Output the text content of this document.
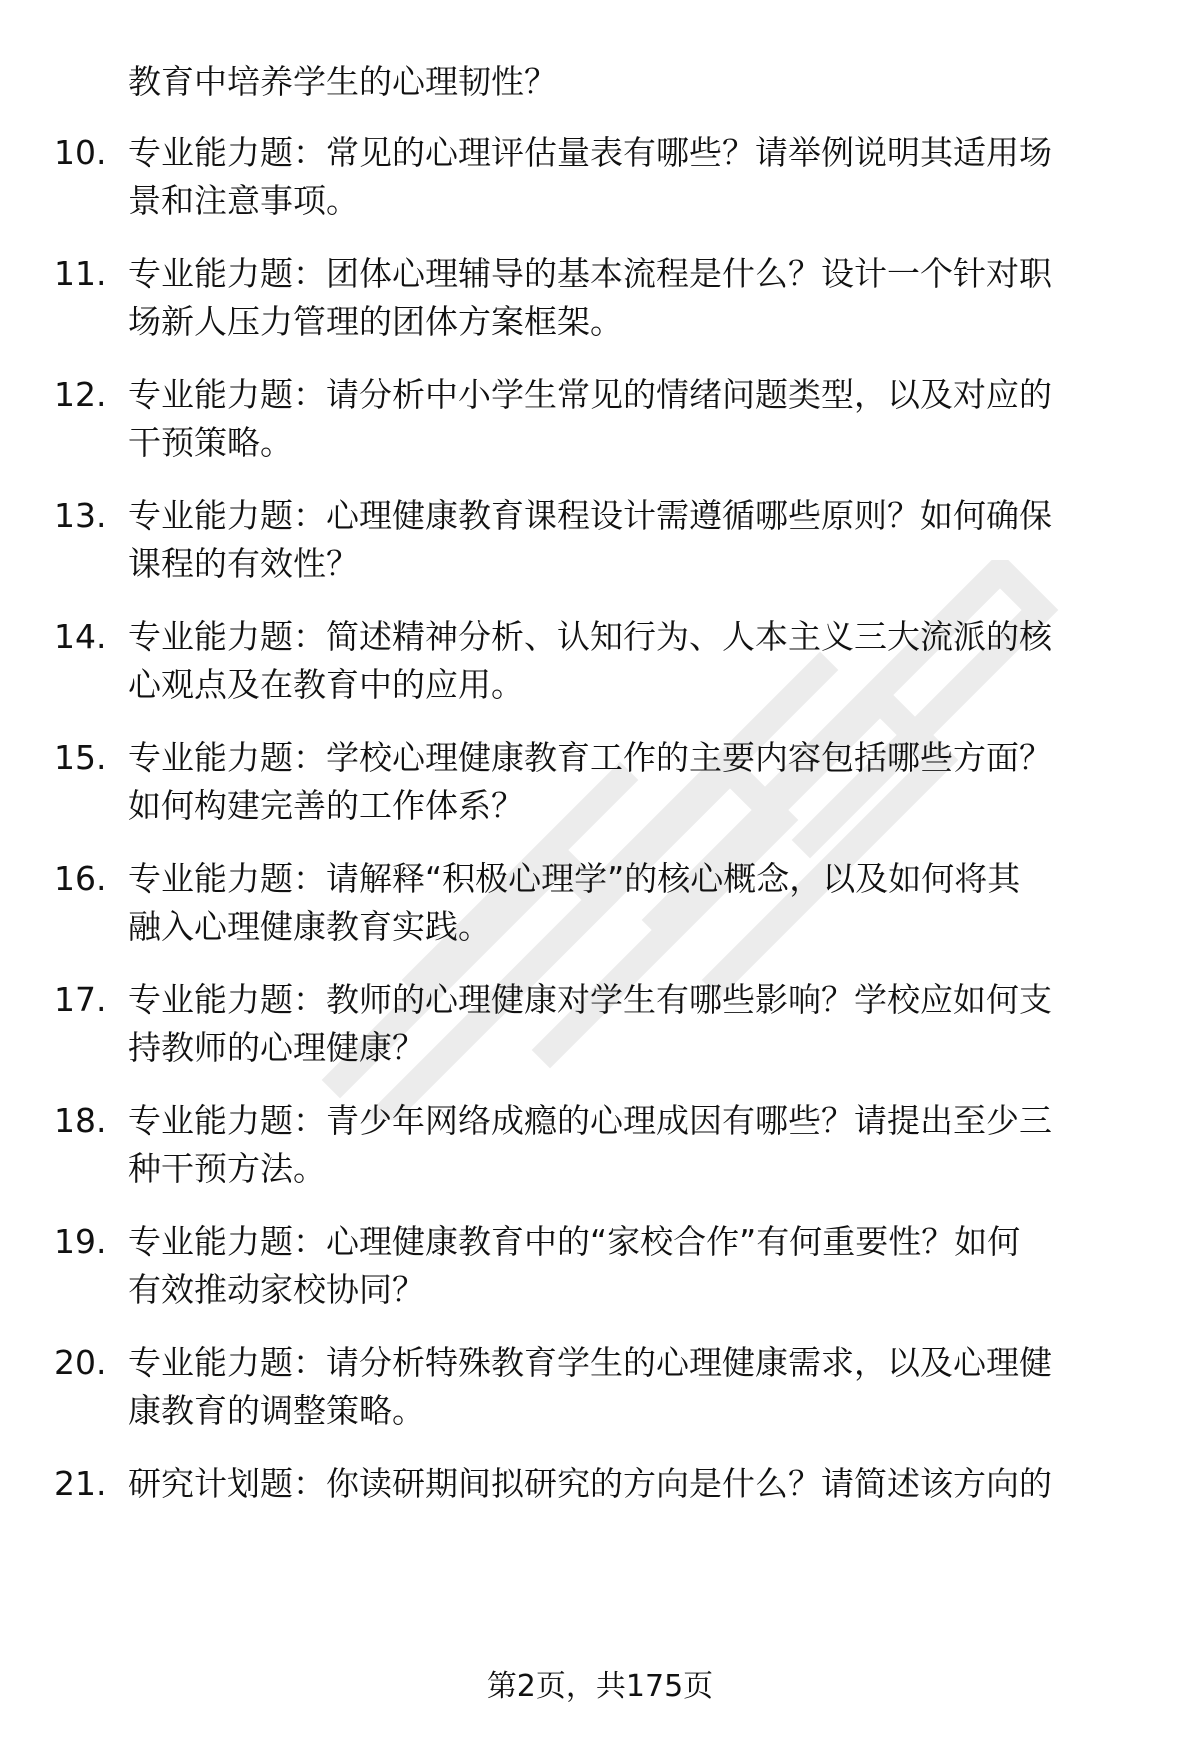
教育中培养学生的心理韧性？
10. 专业能力题：常见的心理评估量表有哪些？请举例说明其适用场
景和注意事项。
11. 专业能力题：团体心理辅导的基本流程是什么？设计一个针对职
场新人压力管理的团体方案框架。
12. 专业能力题：请分析中小学生常见的情绪问题类型，以及对应的
干预策略。
13. 专业能力题：心理健康教育课程设计需遵循哪些原则？如何确保
课程的有效性？
14. 专业能力题：简述精神分析、认知行为、人本主义三大流派的核
心观点及在教育中的应用。
15. 专业能力题：学校心理健康教育工作的主要内容包括哪些方面？
如何构建完善的工作体系？
16. 专业能力题：请解释“积极心理学”的核心概念，以及如何将其
融入心理健康教育实践。
17. 专业能力题：教师的心理健康对学生有哪些影响？学校应如何支
持教师的心理健康？
18. 专业能力题：青少年网络成瘾的心理成因有哪些？请提出至少三
种干预方法。
19. 专业能力题：心理健康教育中的“家校合作”有何重要性？如何
有效推动家校协同？
20. 专业能力题：请分析特殊教育学生的心理健康需求，以及心理健
康教育的调整策略。
21. 研究计划题：你读研期间拟研究的方向是什么？请简述该方向的
第2页，共175页
